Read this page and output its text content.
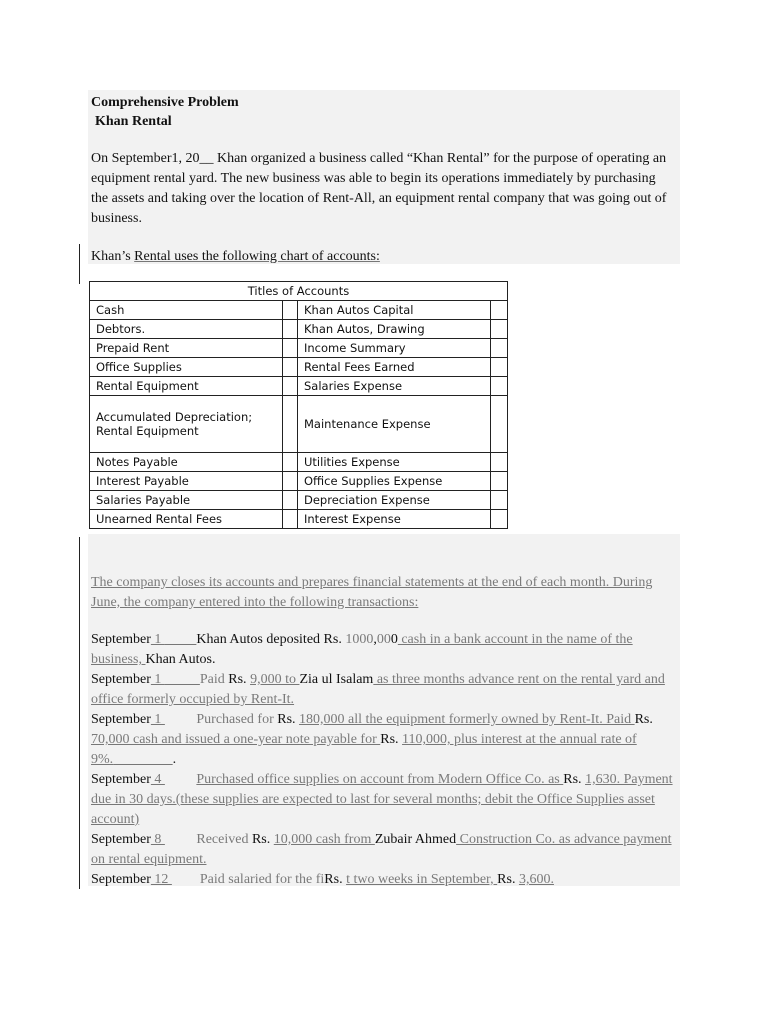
Comprehensive Problem
Khan Rental
On September1, 20__ Khan organized a business called “Khan Rental” for the purpose of operating an equipment rental yard. The new business was able to begin its operations immediately by purchasing the assets and taking over the location of Rent-All, an equipment rental company that was going out of business.
Khan’s Rental uses the following chart of accounts:
Titles of Accounts			
Cash		Khan Autos Capital	
Debtors.		Khan Autos, Drawing	
Prepaid Rent		Income Summary	
Office Supplies		Rental Fees Earned	
Rental Equipment		Salaries Expense	
Accumulated Depreciation; Rental Equipment		Maintenance Expense	
Notes Payable		Utilities Expense	
Interest Payable		Office Supplies Expense	
Salaries Payable		Depreciation Expense	
Unearned Rental Fees		Interest Expense	
The company closes its accounts and prepares financial statements at the end of each month. During June, the company entered into the following transactions:
September 1          Khan Autos deposited Rs. 1000,000 cash in a bank account in the name of the business, Khan Autos.
September 1	Paid Rs. 9,000 to Zia ul Isalam as three months advance rent on the rental yard and office formerly occupied by Rent-It.
September 1          Purchased for Rs. 180,000 all the equipment formerly owned by Rent-It. Paid Rs. 70,000 cash and issued a one-year note payable for Rs. 110,000, plus interest at the annual rate of 9%.	.
September 4          Purchased office supplies on account from Modern Office Co. as Rs. 1,630. Payment due in 30 days.(these supplies are expected to last for several months; debit the Office Supplies asset account)
September 8          Received Rs. 10,000 cash from Zubair Ahmed Construction Co. as advance payment on rental equipment.
September 12         Paid salaried for the fiRs. t two weeks in September, Rs. 3,600.
